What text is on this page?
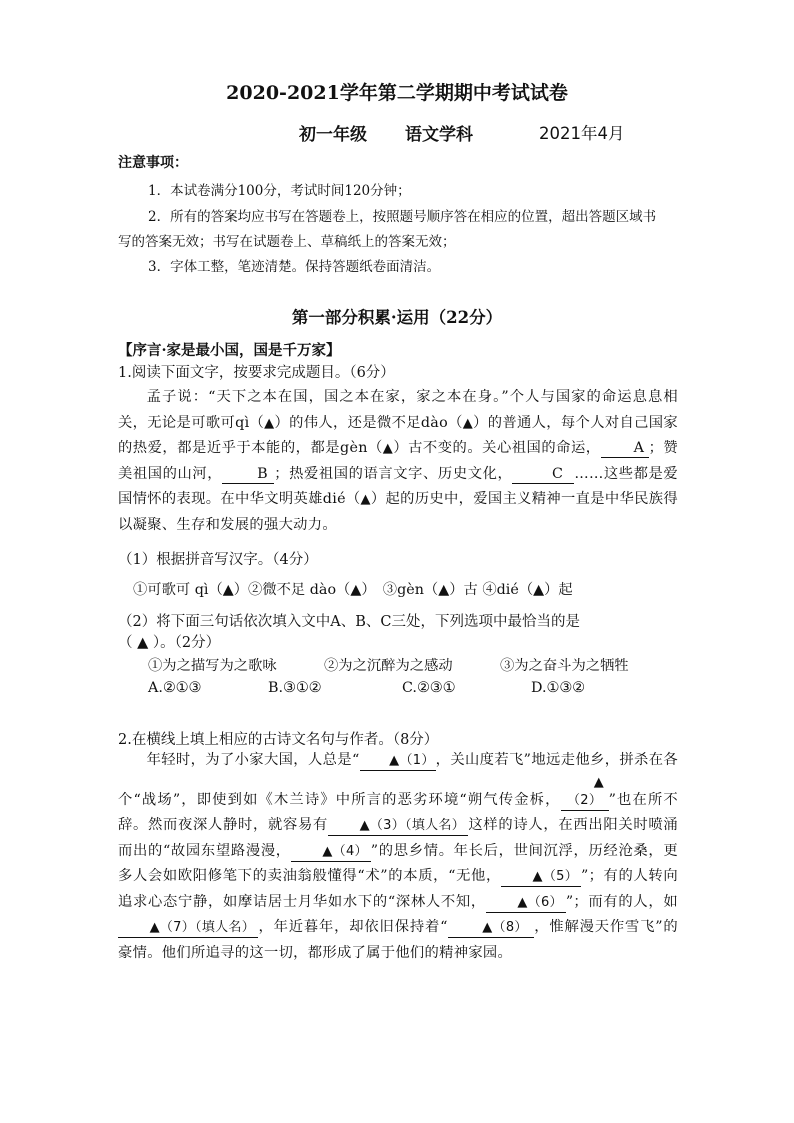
2020-2021学年第二学期期中考试试卷
初一年级 语文学科	2021年4月
注意事项：
1．本试卷满分100分，考试时间120分钟；
2．所有的答案均应书写在答题卷上，按照题号顺序答在相应的位置，超出答题区域书
写的答案无效；书写在试题卷上、草稿纸上的答案无效；
3．字体工整，笔迹清楚。保持答题纸卷面清洁。
第一部分积累·运用（22分）
【序言·家是最小国，国是千万家】
1.阅读下面文字，按要求完成题目。（6分）

孟子说：“天下之本在国，国之本在家，家之本在身。”个人与国家的命运息息相关，无论是可歌可qì（▲）的伟人，还是微不足dào（▲）的普通人，每个人对自己国家的热爱，都是近乎于本能的，都是gèn（▲）古不变的。关心祖国的命运， A ；赞美祖国的山河， B ；热爱祖国的语言文字、历史文化，	C ……这些都是爱国情怀的表现。在中华文明英雄dié（▲）起的历史中，爱国主义精神一直是中华民族得以凝聚、生存和发展的强大动力。

（1）根据拼音写汉字。（4分）
①可歌可 qì（▲）②微不足 dào（▲）　③gèn（▲）古 ④dié（▲）起
（2）将下面三句话依次填入文中A、B、C三处，下列选项中最恰当的是
（ ▲ ）。（2分）
①为之描写为之歌咏	②为之沉醉为之感动	③为之奋斗为之牺牲
A.②①③	B.③①②	C.②③①	D.①③②
2.在横线上填上相应的古诗文名句与作者。（8分）

年轻时，为了小家大国，人总是“ ▲（1），关山度若飞”地远走他乡，拼杀在各个“战场”，即使到如《木兰诗》中所言的恶劣环境“朔气传金柝，▲（2） ”也在所不辞。然而夜深人静时，就容易有 ▲（3）（填人名） 这样的诗人，在西出阳关时喷涌而出的“故园东望路漫漫， ▲（4） ”的思乡情。年长后，世间沉浮，历经沧桑，更多人会如欧阳修笔下的卖油翁般懂得“术”的本质，“无他， ▲（5） ”；有的人转向追求心态宁静，如摩诘居士月华如水下的“深林人不知， ▲（6） ”；而有的人，如▲（7）（填人名） ，年近暮年，却依旧保持着“	▲（8） ，惟解漫天作雪飞”的豪情。他们所追寻的这一切，都形成了属于他们的精神家园。
